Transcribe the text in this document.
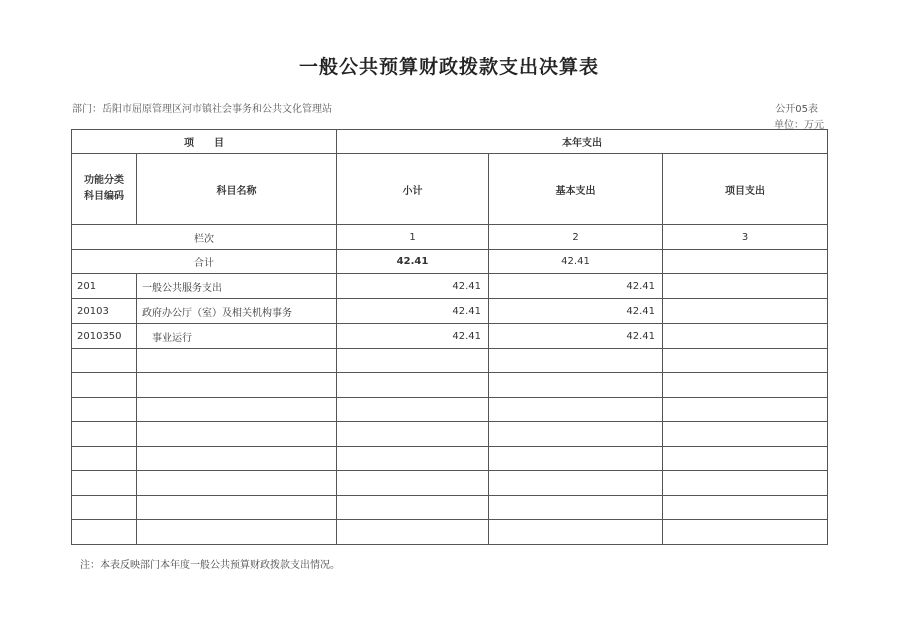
一般公共预算财政拨款支出决算表
部门：岳阳市屈原管理区河市镇社会事务和公共文化管理站	公开05表
单位：万元
项　　目		本年支出		

功能分类
科目编码	科目名称	小计	基本支出	项目支出
栏次		1	2	3
合计		42.41	42.41	
201	一般公共服务支出	42.41	42.41	
20103	政府办公厅（室）及相关机构事务	42.41	42.41	
2010350	　事业运行	42.41	42.41	

注：本表反映部门本年度一般公共预算财政拨款支出情况。
